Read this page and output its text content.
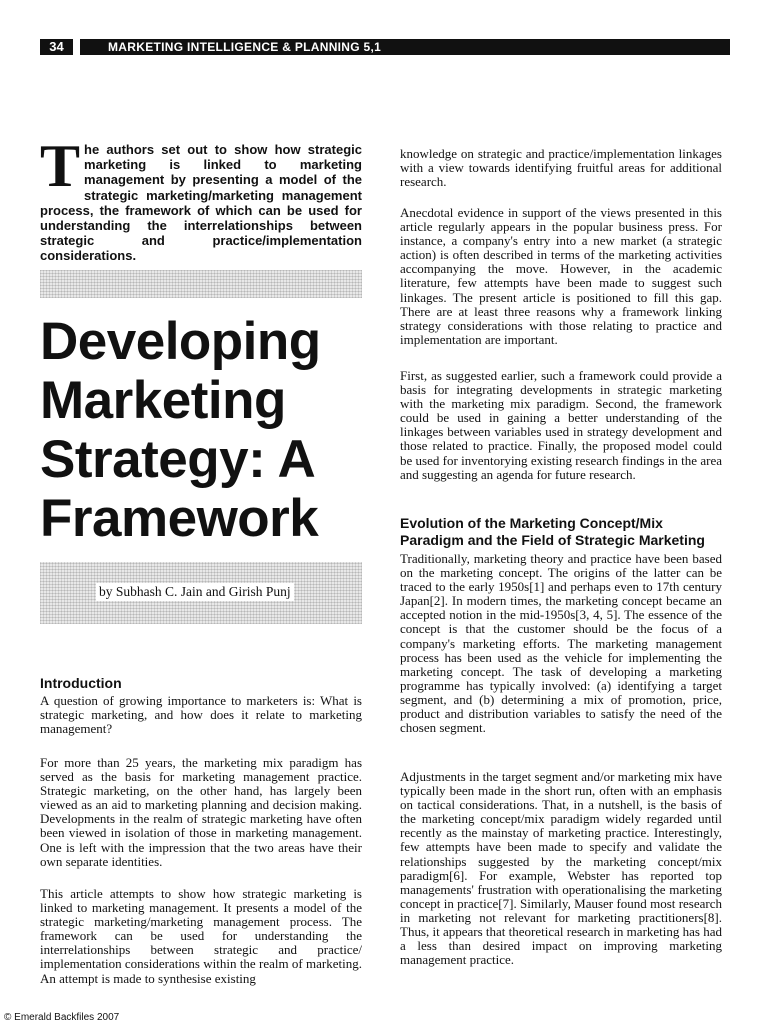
34	MARKETING INTELLIGENCE & PLANNING 5,1
The authors set out to show how strategic marketing is linked to marketing management by presenting a model of the strategic marketing/marketing management process, the framework of which can be used for understanding the interrelationships between strategic and practice/implementation considerations.
Developing
Marketing
Strategy: A
Framework
by Subhash C. Jain and Girish Punj
Introduction

A question of growing importance to marketers is: What is strategic marketing, and how does it relate to marketing management?

For more than 25 years, the marketing mix paradigm has served as the basis for marketing management practice. Strategic marketing, on the other hand, has largely been viewed as an aid to marketing planning and decision making. Developments in the realm of strategic marketing have often been viewed in isolation of those in marketing management. One is left with the impression that the two areas have their own separate identities.

This article attempts to show how strategic marketing is linked to marketing management. It presents a model of the strategic marketing/marketing management process. The framework can be used for understanding the interrelationships between strategic and practice/ implementation considerations within the realm of marketing. An attempt is made to synthesise existing

knowledge on strategic and practice/implementation linkages with a view towards identifying fruitful areas for additional research.

Anecdotal evidence in support of the views presented in this article regularly appears in the popular business press. For instance, a company's entry into a new market (a strategic action) is often described in terms of the marketing activities accompanying the move. However, in the academic literature, few attempts have been made to suggest such linkages. The present article is positioned to fill this gap. There are at least three reasons why a framework linking strategy considerations with those relating to practice and implementation are important.

First, as suggested earlier, such a framework could provide a basis for integrating developments in strategic marketing with the marketing mix paradigm. Second, the framework could be used in gaining a better understanding of the linkages between variables used in strategy development and those related to practice. Finally, the proposed model could be used for inventorying existing research findings in the area and suggesting an agenda for future research.

Evolution of the Marketing Concept/Mix
Paradigm and the Field of Strategic Marketing

Traditionally, marketing theory and practice have been based on the marketing concept. The origins of the latter can be traced to the early 1950s[1] and perhaps even to 17th century Japan[2]. In modern times, the marketing concept became an accepted notion in the mid-1950s[3, 4, 5]. The essence of the concept is that the customer should be the focus of a company's marketing efforts. The marketing management process has been used as the vehicle for implementing the marketing concept. The task of developing a marketing programme has typically involved: (a) identifying a target segment, and (b) determining a mix of promotion, price, product and distribution variables to satisfy the need of the chosen segment.

Adjustments in the target segment and/or marketing mix have typically been made in the short run, often with an emphasis on tactical considerations. That, in a nutshell, is the basis of the marketing concept/mix paradigm widely regarded until recently as the mainstay of marketing practice. Interestingly, few attempts have been made to specify and validate the relationships suggested by the marketing concept/mix paradigm[6]. For example, Webster has reported top managements' frustration with operationalising the marketing concept in practice[7]. Similarly, Mauser found most research in marketing not relevant for marketing practitioners[8]. Thus, it appears that theoretical research in marketing has had a less than desired impact on improving marketing management practice.

© Emerald Backfiles 2007
